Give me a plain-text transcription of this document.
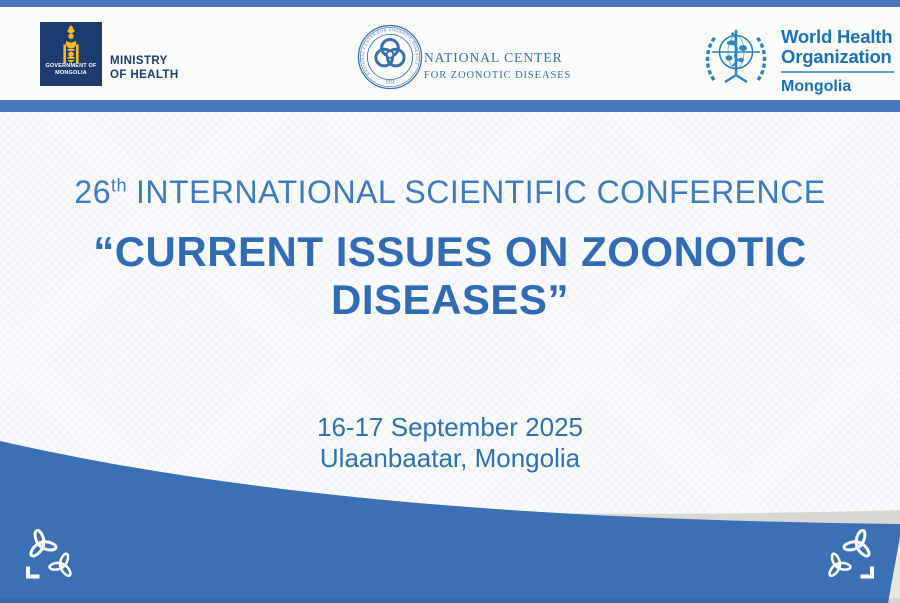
GOVERNMENT OF
MONGOLIA
MINISTRY
OF HEALTH	NATIONAL CENTER FOR ZOONOTIC DISEASES
1931
NATIONAL CENTER
FOR ZOONOTIC DISEASES
World Health
Organization
Mongolia
26th INTERNATIONAL SCIENTIFIC CONFERENCE
“CURRENT ISSUES ON ZOONOTIC
DISEASES”
16-17 September 2025
Ulaanbaatar, Mongolia
